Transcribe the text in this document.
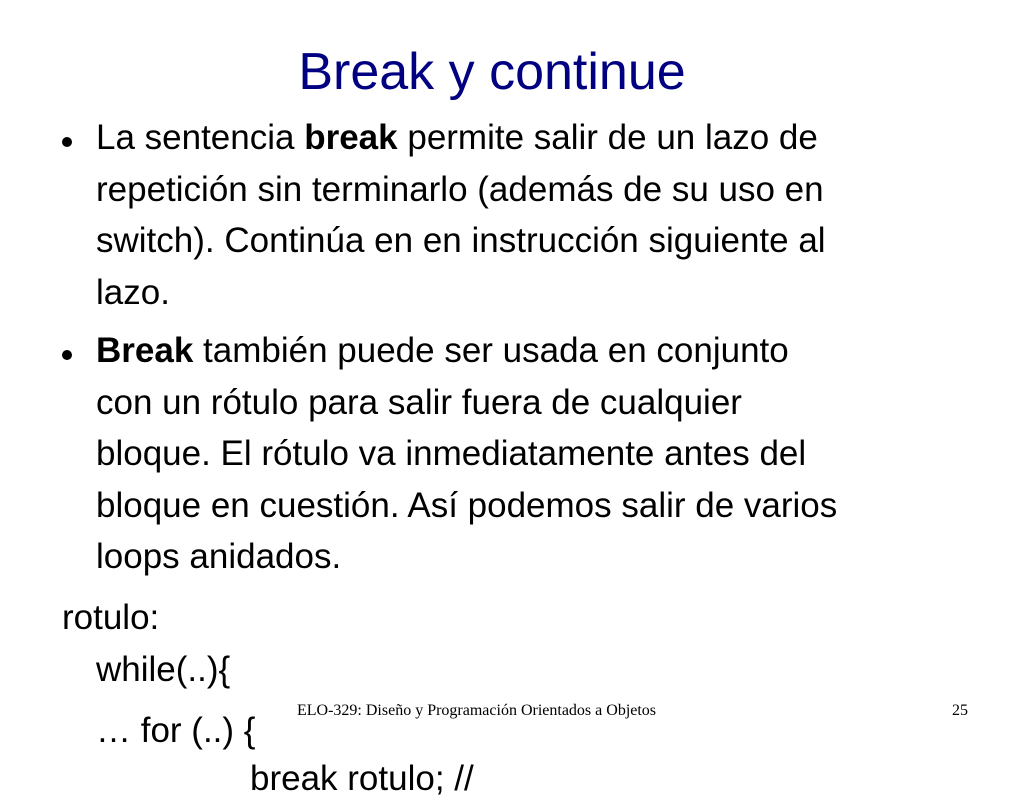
Break y continue
La sentencia break permite salir de un lazo de
repetición sin terminarlo (además de su uso en
switch). Continúa en en instrucción siguiente al
lazo.
Break también puede ser usada en conjunto
con un rótulo para salir fuera de cualquier
bloque. El rótulo va inmediatamente antes del
bloque en cuestión. Así podemos salir de varios
loops anidados.
rotulo:
while(..){
… for (..) {
break rotulo; //
ELO-329: Diseño y Programación Orientados a Objetos	25
